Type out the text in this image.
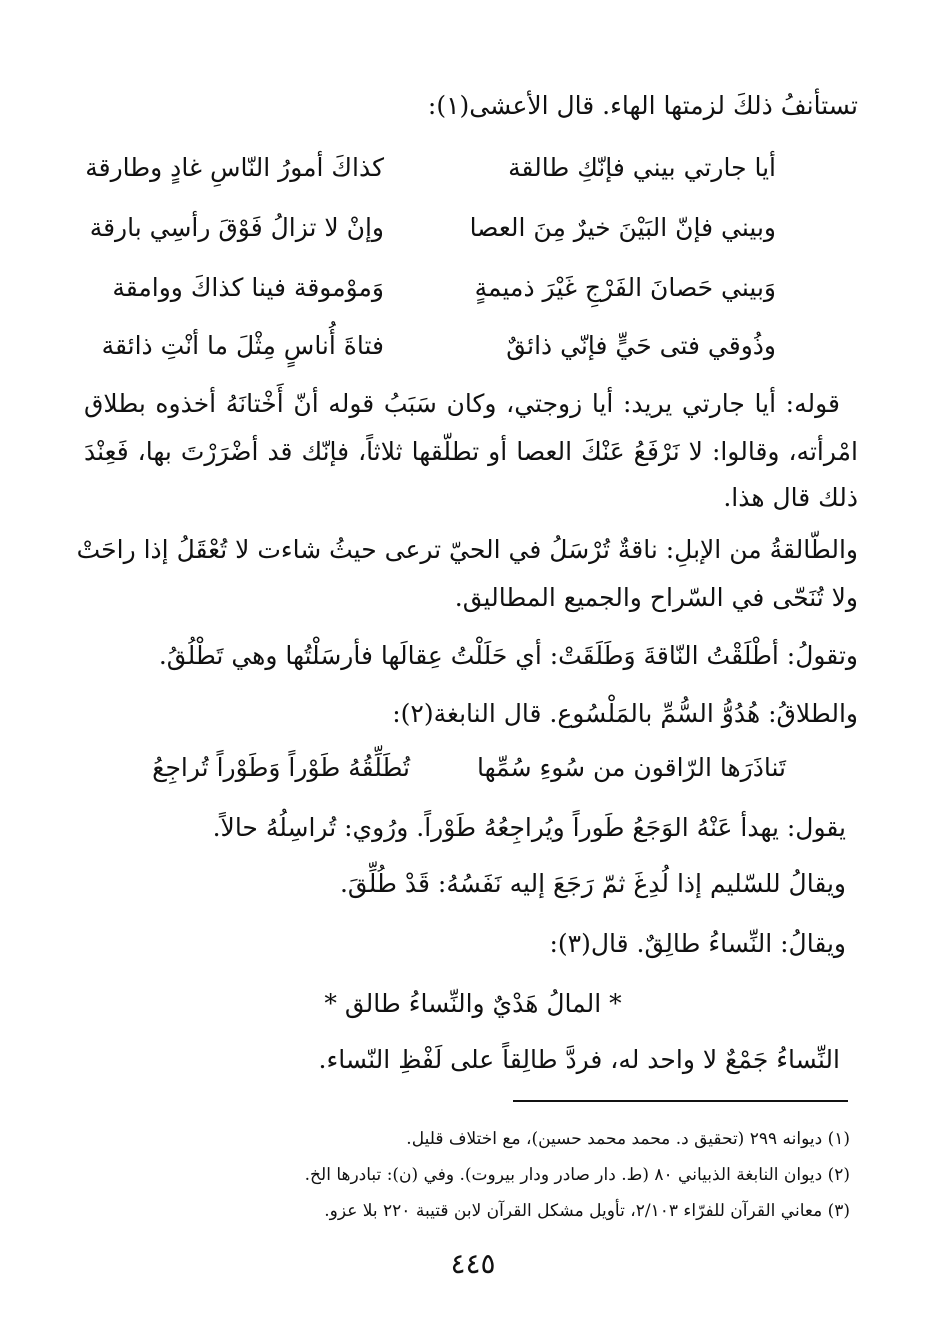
تستأنفُ ذلكَ لزمتها الهاء. قال الأعشى(١):
أيا جارتي بيني فإنّكِ طالقة
كذاكَ أمورُ النّاسِ غادٍ وطارقة
وبيني فإنّ البَيْنَ خيرٌ مِنَ العصا
وإنْ لا تزالُ فَوْقَ رأسِي بارقة
وَبيني حَصانَ الفَرْجِ غَيْرَ ذميمةٍ
وَموْموقة فينا كذاكَ ووامقة
وذُوقي فتى حَيٍّ فإنّي ذائقٌ
فتاةَ أُناسٍ مِثْلَ ما أنْتِ ذائقة
قوله: أيا جارتي يريد: أيا زوجتي، وكان سَبَبُ قوله أنّ أَخْتانَهُ أخذوه بطلاق
امْرأته، وقالوا: لا نَرْفَعُ عَنْكَ العصا أو تطلّقها ثلاثاً، فإنّك قد أضْرَرْتَ بها، فَعِنْدَ
ذلك قال هذا.
والطّالقةُ من الإبلِ: ناقةٌ تُرْسَلُ في الحيّ ترعى حيثُ شاءت لا تُعْقَلُ إذا راحَتْ
ولا تُنَحّى في السّراح والجميع المطاليق.
وتقولُ: أطْلَقْتُ النّاقةَ وَطَلَقَتْ: أي حَلَلْتُ عِقالَها فأرسَلْتُها وهي تَطْلُقُ.
والطلاقُ: هُدُوُّ السُّمِّ بالمَلْسُوع. قال النابغة(٢):
تَناذَرَها الرّاقون من سُوءِ سُمِّها
تُطَلِّقُهُ طَوْراً وَطَوْراً تُراجِعُ
يقول: يهدأ عَنْهُ الوَجَعُ طَوراً ويُراجِعُهُ طَوْراً. ورُوي: تُراسِلُهُ حالاً.
ويقالُ للسّليم إذا لُدِغَ ثمّ رَجَعَ إليه نَفَسُهُ: قَدْ طُلِّقَ.
ويقالُ: النِّساءُ طالِقٌ. قال(٣):
* المالُ هَدْيٌ والنِّساءُ طالق *
النِّساءُ جَمْعٌ لا واحد له، فردَّ طالِقاً على لَفْظِ النّساء.
(١) ديوانه ٢٩٩ (تحقيق د. محمد محمد حسين)، مع اختلاف قليل.
(٢) ديوان النابغة الذبياني ٨٠ (ط. دار صادر ودار بيروت). وفي (ن): تبادرها الخ.
(٣) معاني القرآن للفرّاء ٢/١٠٣، تأويل مشكل القرآن لابن قتيبة ٢٢٠ بلا عزو.
٤٤٥
